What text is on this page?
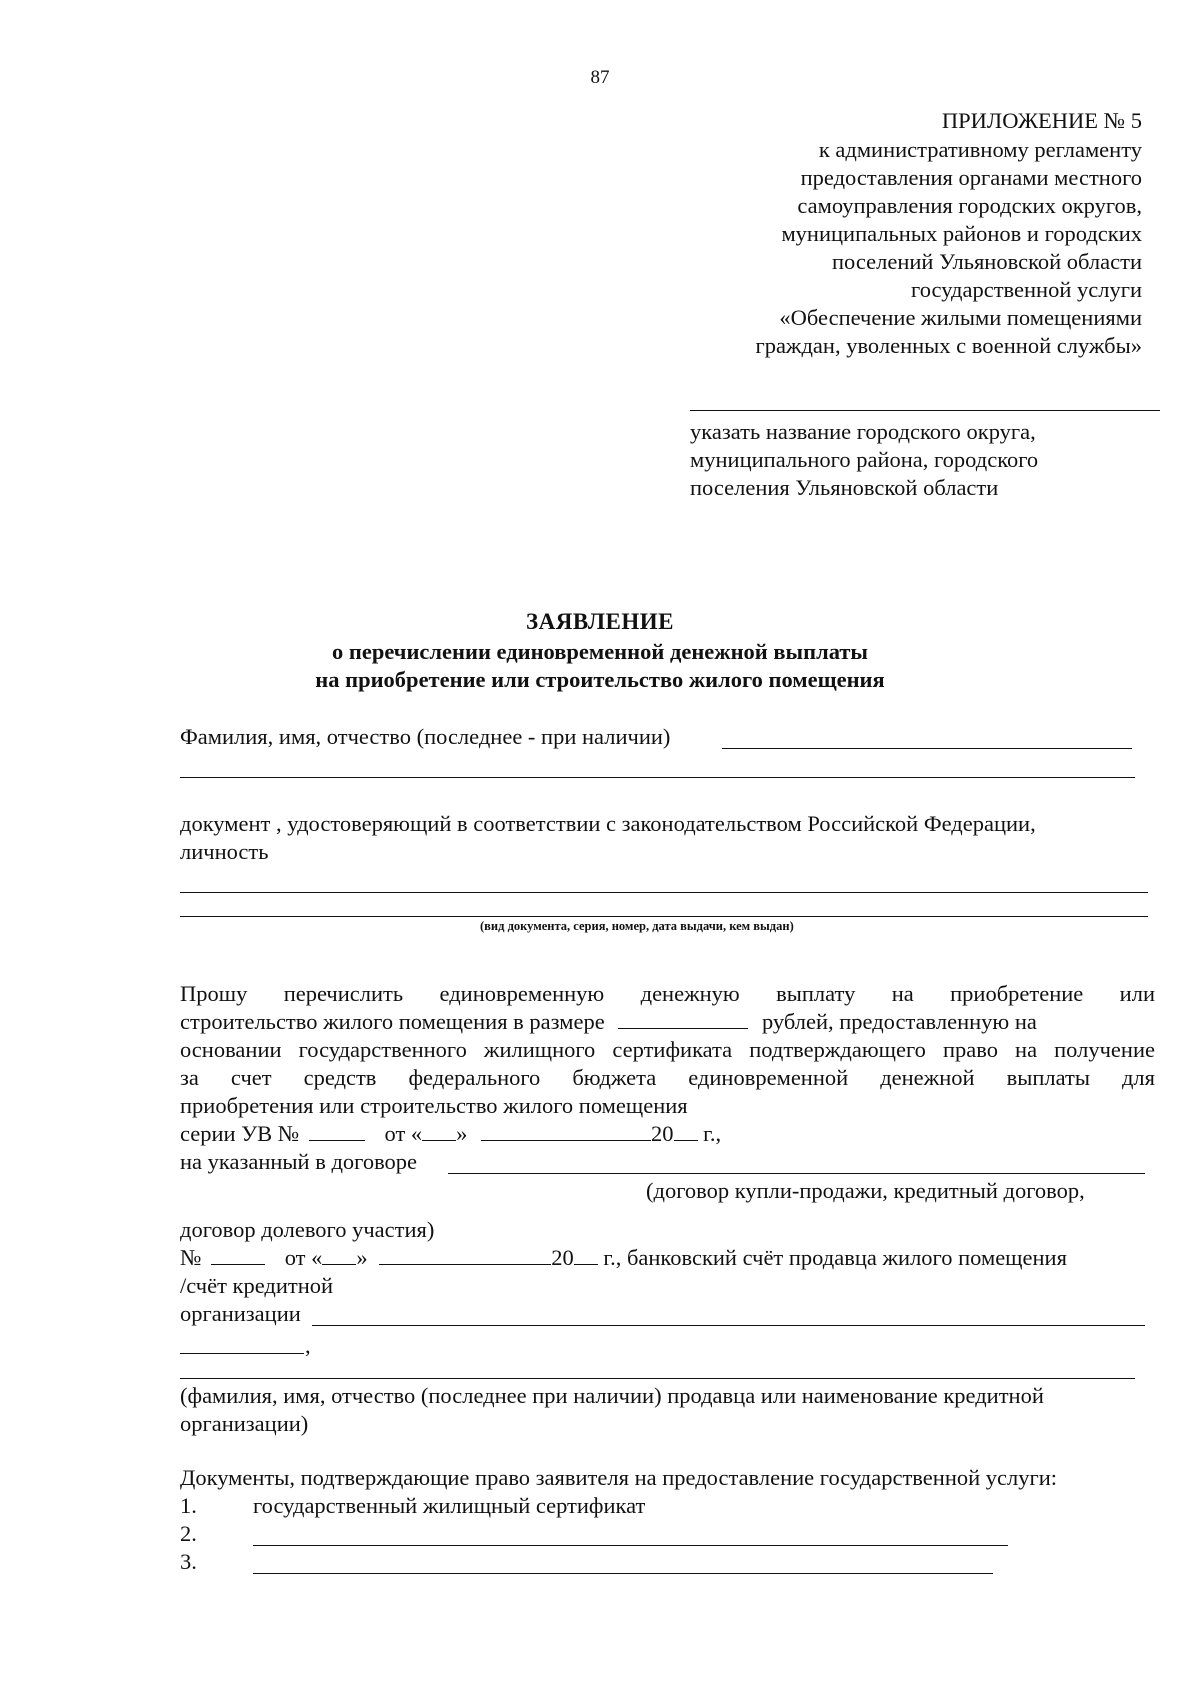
87
ПРИЛОЖЕНИЕ № 5
к административному регламенту
предоставления органами местного
самоуправления городских округов,
муниципальных районов и городских
поселений Ульяновской области
государственной услуги
«Обеспечение жилыми помещениями
граждан, уволенных с военной службы»
указать название городского округа,
муниципального района, городского
поселения Ульяновской области
ЗАЯВЛЕНИЕ
о перечислении единовременной денежной выплаты
на приобретение или строительство жилого помещения
Фамилия, имя, отчество (последнее - при наличии)
документ , удостоверяющий в соответствии с законодательством Российской Федерации,
личность
(вид документа, серия, номер, дата выдачи, кем выдан)
Прошу перечислить единовременную денежную выплату на приобретение или
строительство жилого помещения в размере	рублей, предоставленную на
основании государственного жилищного сертификата подтверждающего право на получение
за счет средств федерального бюджета единовременной денежной выплаты для
приобретения или строительство жилого помещения
серии УВ №	от « »	20 г.,
на указанный в договоре
(договор купли-продажи, кредитный договор,
договор долевого участия)
№	от « »	20 г., банковский счёт продавца жилого помещения
/счёт кредитной
организации
,
(фамилия, имя, отчество (последнее при наличии) продавца или наименование кредитной
организации)
Документы, подтверждающие право заявителя на предоставление государственной услуги:
1. государственный жилищный сертификат
2.
3.
